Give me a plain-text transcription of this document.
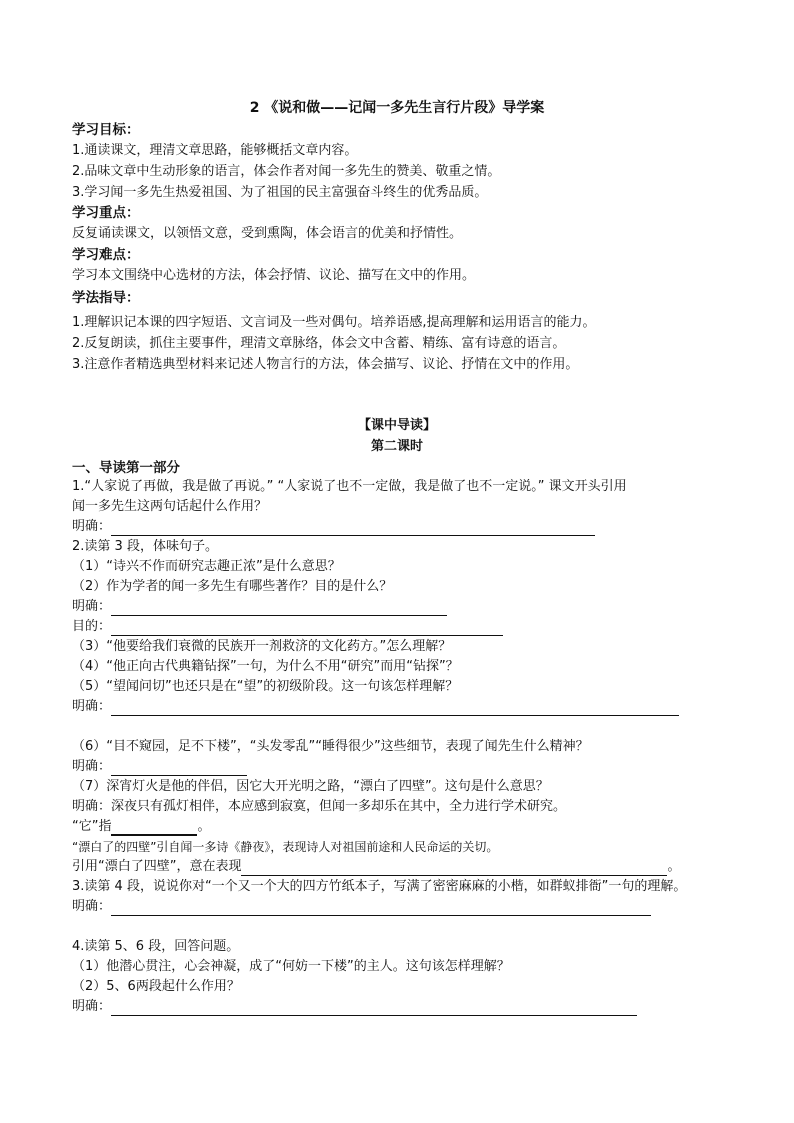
2 《说和做——记闻一多先生言行片段》导学案
学习目标：
1.通读课文，理清文章思路，能够概括文章内容。
2.品味文章中生动形象的语言，体会作者对闻一多先生的赞美、敬重之情。
3.学习闻一多先生热爱祖国、为了祖国的民主富强奋斗终生的优秀品质。
学习重点：
反复诵读课文，以领悟文意，受到熏陶，体会语言的优美和抒情性。
学习难点：
学习本文围绕中心选材的方法，体会抒情、议论、描写在文中的作用。
学法指导：
1.理解识记本课的四字短语、文言词及一些对偶句。培养语感,提高理解和运用语言的能力。
2.反复朗读，抓住主要事件，理清文章脉络，体会文中含蓄、精练、富有诗意的语言。
3.注意作者精选典型材料来记述人物言行的方法，体会描写、议论、抒情在文中的作用。
【课中导读】
第二课时
一、导读第一部分
1.“人家说了再做，我是做了再说。” “人家说了也不一定做，我是做了也不一定说。” 课文开头引用
闻一多先生这两句话起什么作用？
明确：
2.读第 3 段，体味句子。
（1）“诗兴不作而研究志趣正浓”是什么意思？
（2）作为学者的闻一多先生有哪些著作？目的是什么？
明确：
目的：
（3）“他要给我们衰微的民族开一剂救济的文化药方。”怎么理解？
（4）“他正向古代典籍钻探”一句，为什么不用“研究”而用“钻探”？
（5）“望闻问切”也还只是在“望”的初级阶段。这一句该怎样理解？
明确：
（6）“目不窥园，足不下楼”，“头发零乱”“睡得很少”这些细节，表现了闻先生什么精神？
明确：
（7）深宵灯火是他的伴侣，因它大开光明之路，“漂白了四壁”。这句是什么意思？
明确：深夜只有孤灯相伴，本应感到寂寞，但闻一多却乐在其中，全力进行学术研究。
“它”指	。
“漂白了的四壁”引自闻一多诗《静夜》，表现诗人对祖国前途和人民命运的关切。
引用“漂白了四壁”，意在表现	。
3.读第 4 段，说说你对“一个又一个大的四方竹纸本子，写满了密密麻麻的小楷，如群蚁排衙”一句的理解。
明确：
4.读第 5、6 段，回答问题。
（1）他潜心贯注，心会神凝，成了“何妨一下楼”的主人。这句该怎样理解？
（2）5、6两段起什么作用？
明确：
